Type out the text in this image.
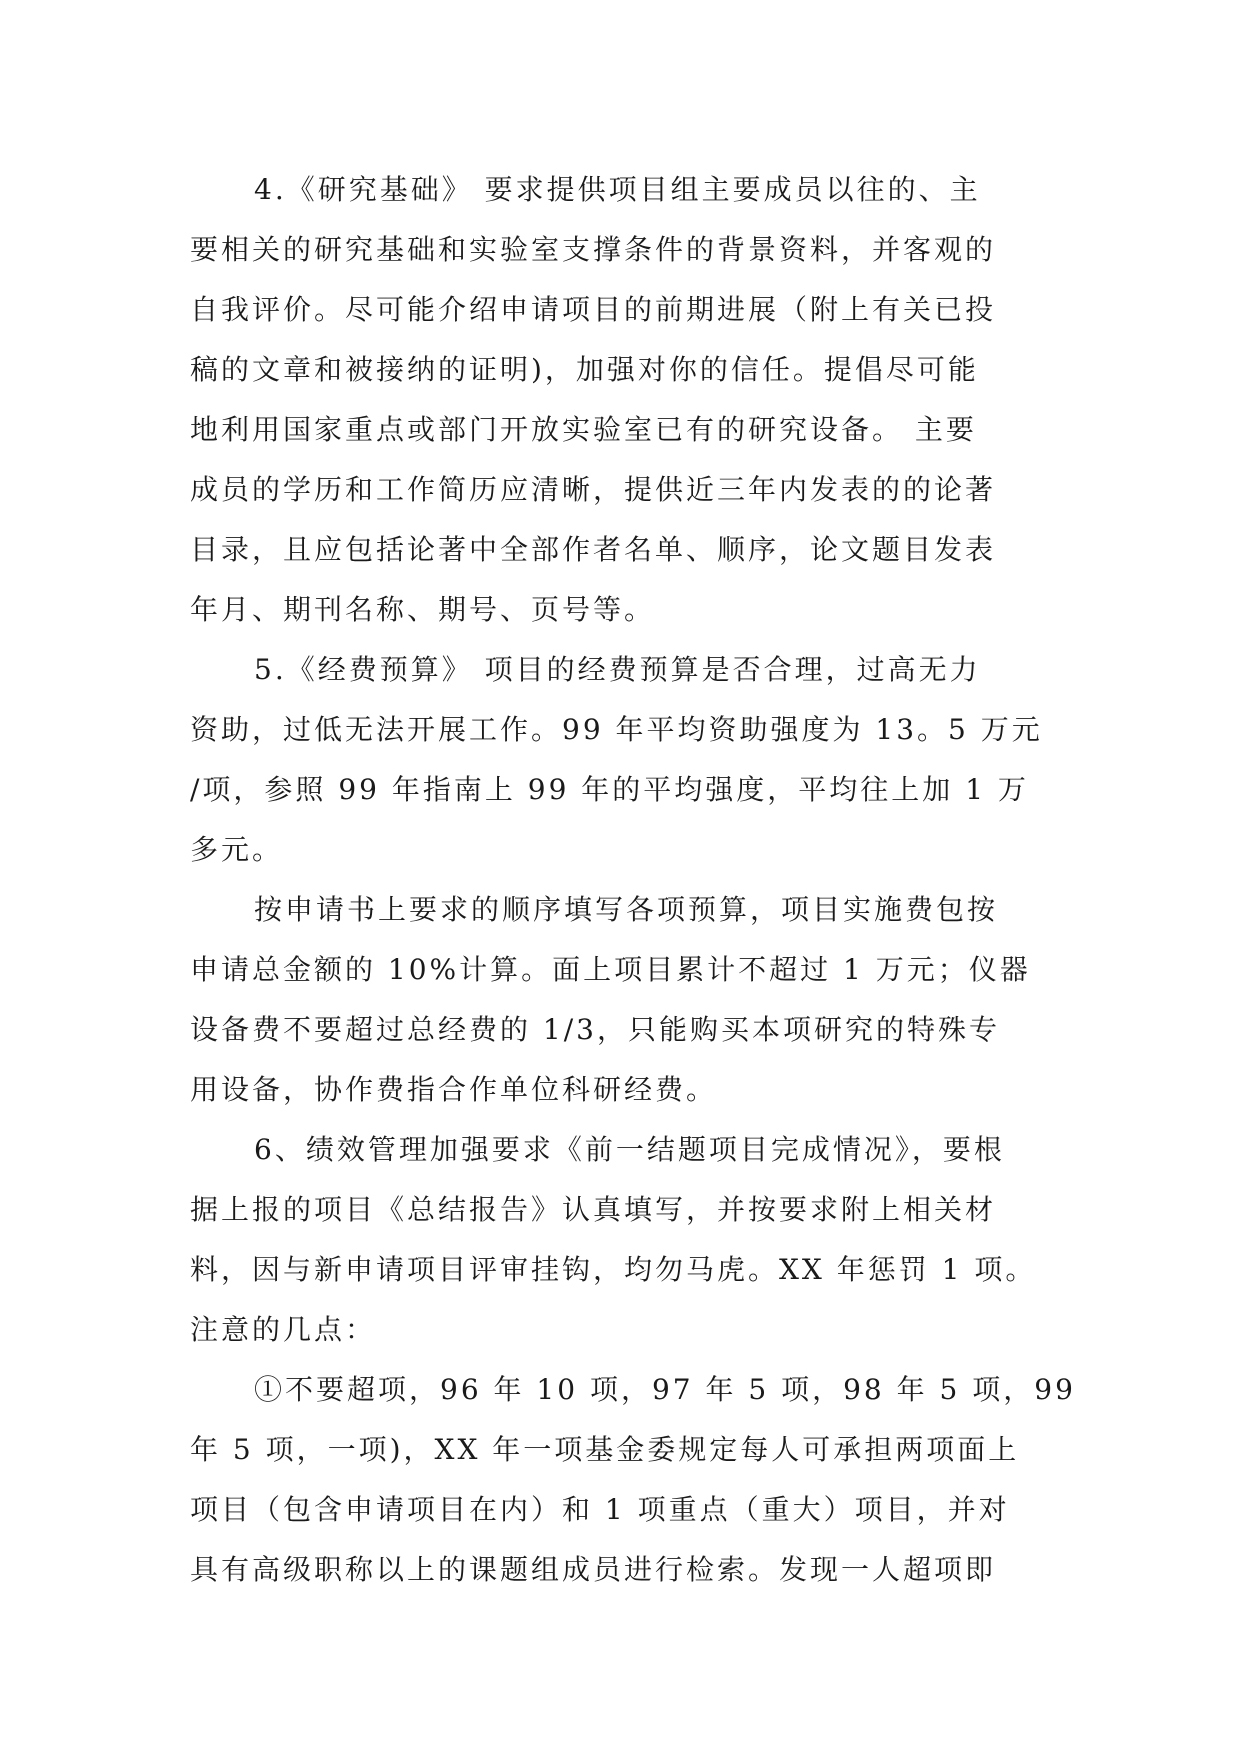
4.《研究基础》 要求提供项目组主要成员以往的、主
要相关的研究基础和实验室支撑条件的背景资料，并客观的
自我评价。尽可能介绍申请项目的前期进展（附上有关已投
稿的文章和被接纳的证明)，加强对你的信任。提倡尽可能
地利用国家重点或部门开放实验室已有的研究设备。 主要
成员的学历和工作简历应清晰，提供近三年内发表的的论著
目录，且应包括论著中全部作者名单、顺序，论文题目发表
年月、期刊名称、期号、页号等。
5.《经费预算》 项目的经费预算是否合理，过高无力
资助，过低无法开展工作。99 年平均资助强度为 13。5 万元
/项，参照 99 年指南上 99 年的平均强度，平均往上加 1 万
多元。
按申请书上要求的顺序填写各项预算，项目实施费包按
申请总金额的 10%计算。面上项目累计不超过 1 万元；仪器
设备费不要超过总经费的 1/3，只能购买本项研究的特殊专
用设备，协作费指合作单位科研经费。
6、绩效管理加强要求《前一结题项目完成情况》，要根
据上报的项目《总结报告》认真填写，并按要求附上相关材
料，因与新申请项目评审挂钩，均勿马虎。XX 年惩罚 1 项。
注意的几点：
①不要超项，96 年 10 项，97 年 5 项，98 年 5 项，99
年 5 项，一项)，XX 年一项基金委规定每人可承担两项面上
项目（包含申请项目在内）和 1 项重点（重大）项目，并对
具有高级职称以上的课题组成员进行检索。发现一人超项即
